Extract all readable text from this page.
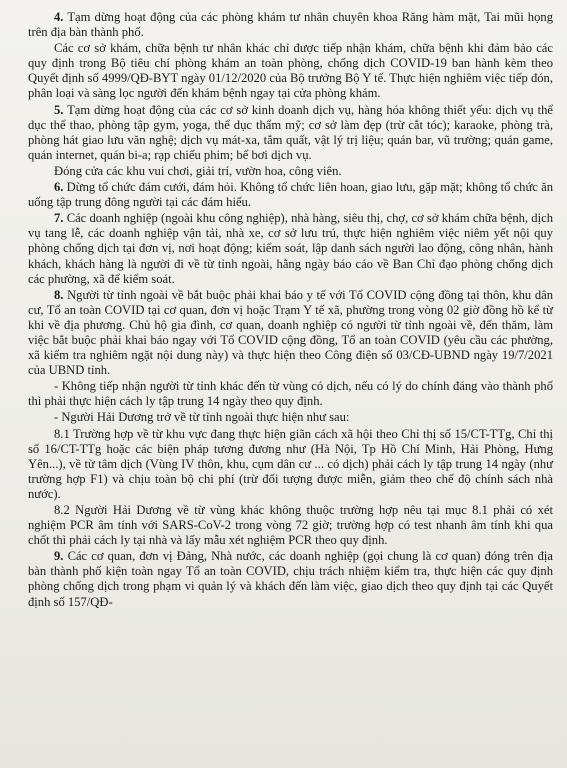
4. Tạm dừng hoạt động của các phòng khám tư nhân chuyên khoa Răng hàm mặt, Tai mũi họng trên địa bàn thành phố.

Các cơ sở khám, chữa bệnh tư nhân khác chỉ được tiếp nhận khám, chữa bệnh khi đảm bảo các quy định trong Bộ tiêu chí phòng khám an toàn phòng, chống dịch COVID-19 ban hành kèm theo Quyết định số 4999/QĐ-BYT ngày 01/12/2020 của Bộ trưởng Bộ Y tế. Thực hiện nghiêm việc tiếp đón, phân loại và sàng lọc người đến khám bệnh ngay tại cửa phòng khám.

5. Tạm dừng hoạt động của các cơ sở kinh doanh dịch vụ, hàng hóa không thiết yếu: dịch vụ thể dục thể thao, phòng tập gym, yoga, thể dục thẩm mỹ; cơ sở làm đẹp (trừ cắt tóc); karaoke, phòng trà, phòng hát giao lưu văn nghệ; dịch vụ mát-xa, tắm quất, vật lý trị liệu; quán bar, vũ trường; quán game, quán internet, quán bi-a; rạp chiếu phim; bể bơi dịch vụ.

Đóng cửa các khu vui chơi, giải trí, vườn hoa, công viên.

6. Dừng tổ chức đám cưới, đám hỏi. Không tổ chức liên hoan, giao lưu, gặp mặt; không tổ chức ăn uống tập trung đông người tại các đám hiếu.

7. Các doanh nghiệp (ngoài khu công nghiệp), nhà hàng, siêu thị, chợ, cơ sở khám chữa bệnh, dịch vụ tang lễ, các doanh nghiệp vận tải, nhà xe, cơ sở lưu trú, thực hiện nghiêm việc niêm yết nội quy phòng chống dịch tại đơn vị, nơi hoạt động; kiểm soát, lập danh sách người lao động, công nhân, hành khách, khách hàng là người đi về từ tỉnh ngoài, hằng ngày báo cáo về Ban Chỉ đạo phòng chống dịch các phường, xã để kiểm soát.

8. Người từ tỉnh ngoài về bắt buộc phải khai báo y tế với Tổ COVID cộng đồng tại thôn, khu dân cư, Tổ an toàn COVID tại cơ quan, đơn vị hoặc Trạm Y tế xã, phường trong vòng 02 giờ đồng hồ kể từ khi về địa phương. Chủ hộ gia đình, cơ quan, doanh nghiệp có người từ tỉnh ngoài về, đến thăm, làm việc bắt buộc phải khai báo ngay với Tổ COVID cộng đồng, Tổ an toàn COVID (yêu cầu các phường, xã kiểm tra nghiêm ngặt nội dung này) và thực hiện theo Công điện số 03/CĐ-UBND ngày 19/7/2021 của UBND tỉnh.

- Không tiếp nhận người từ tỉnh khác đến từ vùng có dịch, nếu có lý do chính đáng vào thành phố thì phải thực hiện cách ly tập trung 14 ngày theo quy định.

- Người Hải Dương trở về từ tỉnh ngoài thực hiện như sau:

8.1 Trường hợp về từ khu vực đang thực hiện giãn cách xã hội theo Chỉ thị số 15/CT-TTg, Chỉ thị số 16/CT-TTg hoặc các biện pháp tương đương như (Hà Nội, Tp Hồ Chí Minh, Hải Phòng, Hưng Yên...), về từ tâm dịch (Vùng IV thôn, khu, cụm dân cư ... có dịch) phải cách ly tập trung 14 ngày (như trường hợp F1) và chịu toàn bộ chi phí (trừ đối tượng được miễn, giảm theo chế độ chính sách nhà nước).

8.2 Người Hải Dương về từ vùng khác không thuộc trường hợp nêu tại mục 8.1 phải có xét nghiệm PCR âm tính với SARS-CoV-2 trong vòng 72 giờ; trường hợp có test nhanh âm tính khi qua chốt thì phải cách ly tại nhà và lấy mẫu xét nghiệm PCR theo quy định.

9. Các cơ quan, đơn vị Đảng, Nhà nước, các doanh nghiệp (gọi chung là cơ quan) đóng trên địa bàn thành phố kiện toàn ngay Tổ an toàn COVID, chịu trách nhiệm kiểm tra, thực hiện các quy định phòng chống dịch trong phạm vi quản lý và khách đến làm việc, giao dịch theo quy định tại các Quyết định số 157/QĐ-
